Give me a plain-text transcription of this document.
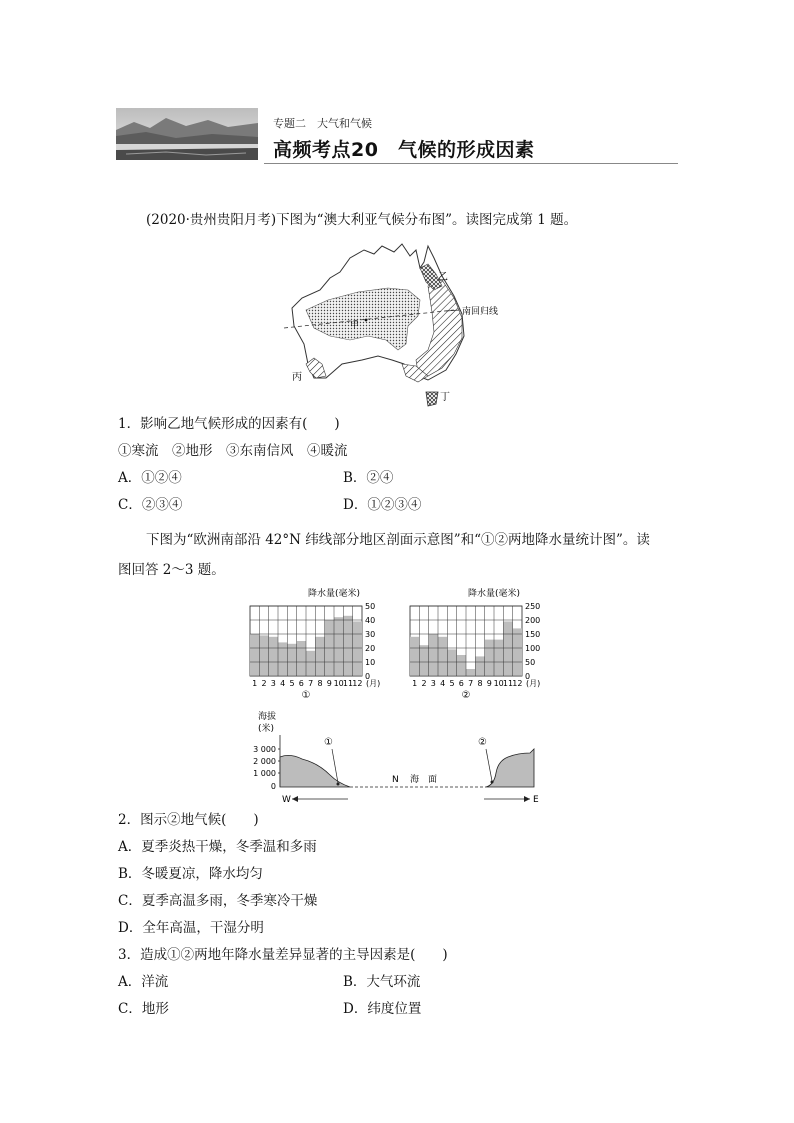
专题二　大气和气候
高频考点20　气候的形成因素
(2020·贵州贵阳月考)下图为“澳大利亚气候分布图”。读图完成第 1 题。
甲
乙
南回归线
丙
丁
1．影响乙地气候形成的因素有(　　)
①寒流　②地形　③东南信风　④暖流
A．①②④	B．②④
C．②③④	D．①②③④
下图为“欧洲南部沿 42°N 纬线部分地区剖面示意图”和“①②两地降水量统计图”。读
图回答 2～3 题。
降水量(毫米)
0
10
20
30
40
50
1 2 3 4 5 6 7 8 9 10 11 12 (月)
①
降水量(毫米)
0
50
100
150
200
250
1 2 3 4 5 6 7 8 9 10 11 12 (月)
②
海拔
(米)
3 000
2 000
1 000
0
N 海　面
①	②
W	E
2．图示②地气候(　　)
A．夏季炎热干燥，冬季温和多雨
B．冬暖夏凉，降水均匀
C．夏季高温多雨，冬季寒冷干燥
D．全年高温，干湿分明
3．造成①②两地年降水量差异显著的主导因素是(　　)
A．洋流	B．大气环流
C．地形	D．纬度位置
